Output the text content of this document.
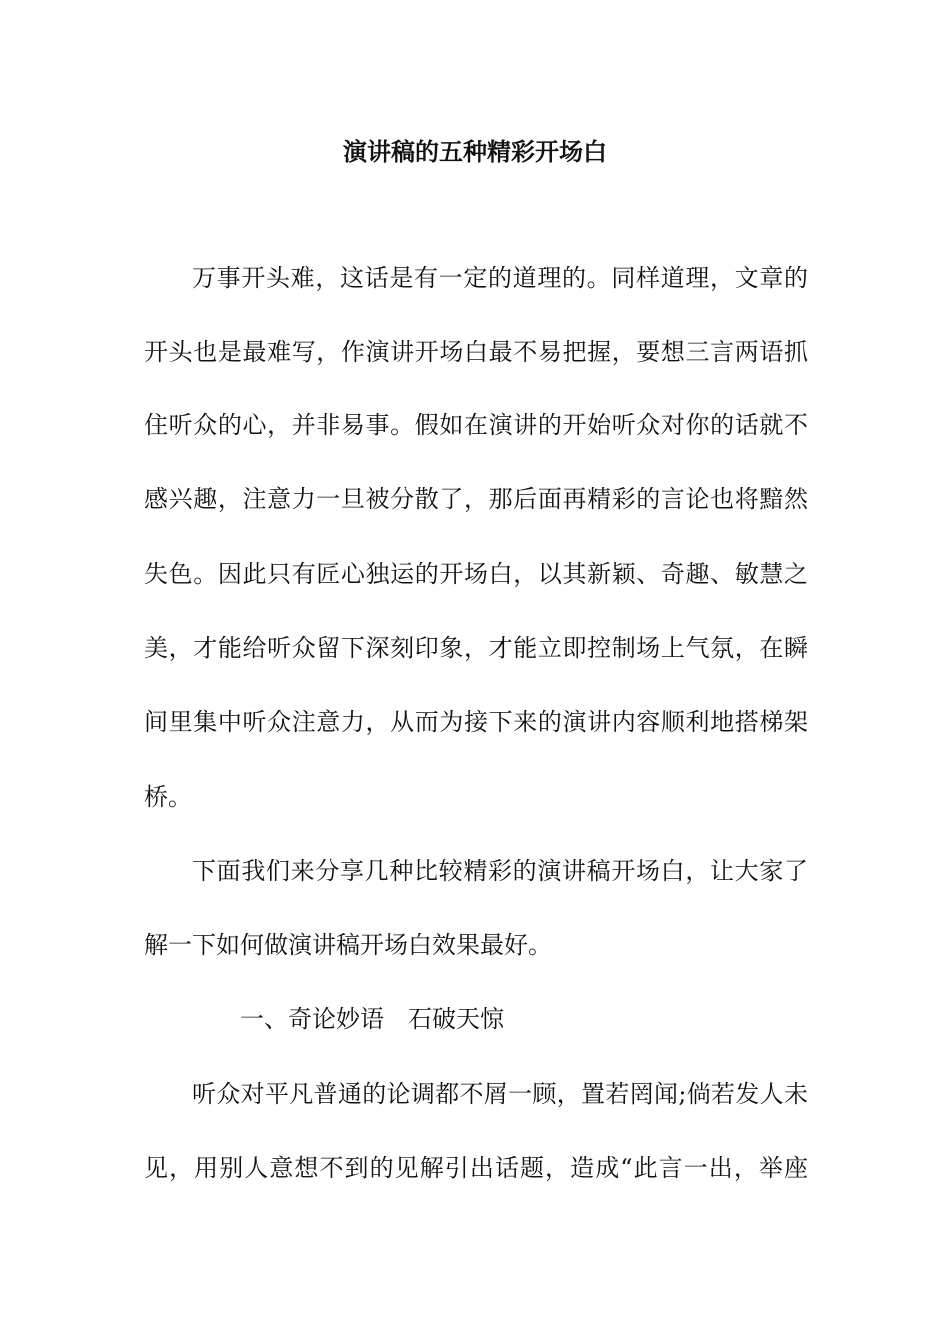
演讲稿的五种精彩开场白
万事开头难，这话是有一定的道理的。同样道理，文章的
开头也是最难写，作演讲开场白最不易把握，要想三言两语抓
住听众的心，并非易事。假如在演讲的开始听众对你的话就不
感兴趣，注意力一旦被分散了，那后面再精彩的言论也将黯然
失色。因此只有匠心独运的开场白，以其新颖、奇趣、敏慧之
美，才能给听众留下深刻印象，才能立即控制场上气氛，在瞬
间里集中听众注意力，从而为接下来的演讲内容顺利地搭梯架
桥。
下面我们来分享几种比较精彩的演讲稿开场白，让大家了
解一下如何做演讲稿开场白效果最好。
一、奇论妙语　石破天惊
听众对平凡普通的论调都不屑一顾，置若罔闻;倘若发人未
见，用别人意想不到的见解引出话题，造成“此言一出，举座
